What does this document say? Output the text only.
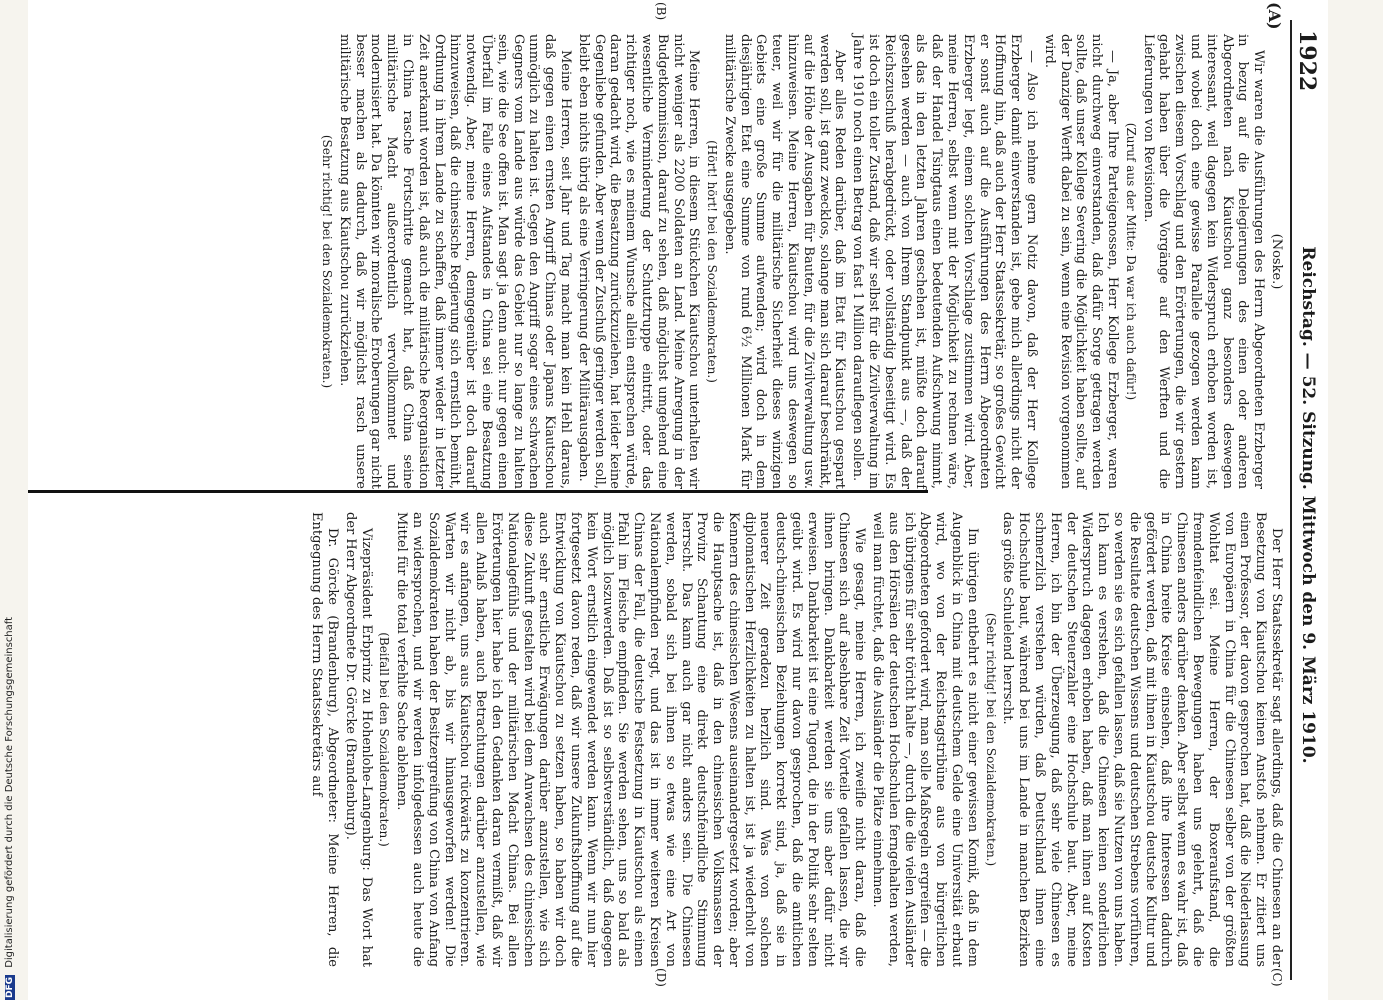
1922
Reichstag. — 52. Sitzung. Mittwoch den 9. März 1910.
(A)
(B)
(C)
(D)

(Noske.)

Wir waren die Ausführungen des Herrn Abgeordneten Erzberger in bezug auf die Delegierungen des einen oder anderen Abgeordneten nach Kiautschou ganz besonders deswegen interessant, weil dagegen kein Widerspruch erhoben worden ist, und wobei doch eine gewisse Parallele gezogen werden kann zwischen diesem Vorschlag und den Erörterungen, die wir gestern gehabt haben über die Vorgänge auf den Werften und die Lieferungen von Revisionen.

(Zuruf aus der Mitte: Da war ich auch dafür!)

— Ja, aber Ihre Parteigenossen, Herr Kollege Erzberger, waren nicht durchweg einverstanden, daß dafür Sorge getragen werden sollte, daß unser Kollege Severing die Möglichkeit haben sollte, auf der Danziger Werft dabei zu sein, wenn eine Revision vorgenommen wird.

— Also ich nehme gern Notiz davon, daß der Herr Kollege Erzberger damit einverstanden ist, gebe mich allerdings nicht der Hoffnung hin, daß auch der Herr Staatssekretär, so großes Gewicht er sonst auch auf die Ausführungen des Herrn Abgeordneten Erzberger legt, einem solchen Vorschlage zustimmen wird. Aber, meine Herren, selbst wenn mit der Möglichkeit zu rechnen wäre, daß der Handel Tsingtaus einen bedeutenden Aufschwung nimmt, als das in den letzten Jahren geschehen ist, müßte doch darauf gesehen werden — auch von Ihrem Standpunkt aus —, daß der Reichszuschuß herabgedrückt, oder vollständig beseitigt wird. Es ist doch ein toller Zustand, daß wir selbst für die Zivilverwaltung im Jahre 1910 noch einen Betrag von fast 1 Million darauflegen sollen.

Aber alles Reden darüber, daß im Etat für Kiautschou gespart werden soll, ist ganz zwecklos, solange man sich darauf beschränkt, auf die Höhe der Ausgaben für Bauten, für die Zivilverwaltung usw. hinzuweisen. Meine Herren, Kiautschou wird uns deswegen so teuer, weil wir für die militärische Sicherheit dieses winzigen Gebiets eine große Summe aufwenden; wird doch in dem diesjährigen Etat eine Summe von rund 6½ Millionen Mark für militärische Zwecke ausgegeben.

(Hört! hört! bei den Sozialdemokraten.)

Meine Herren, in diesem Stückchen Kiautschou unterhalten wir nicht weniger als 2200 Soldaten an Land. Meine Anregung in der Budgetkommission, darauf zu sehen, daß möglichst umgehend eine wesentliche Verminderung der Schutztruppe eintritt, oder das richtiger noch, wie es meinem Wunsche allein entsprechen würde, daran gedacht wird, die Besatzung zurückzuziehen, hat leider keine Gegenliebe gefunden. Aber wenn der Zuschuß geringer werden soll, bleibt eben nichts übrig als eine Verringerung der Militärausgaben.

Meine Herren, seit Jahr und Tag macht man kein Hehl daraus, daß gegen einen ernsten Angriff Chinas oder Japans Kiautschou unmöglich zu halten ist. Gegen den Angriff sogar eines schwachen Gegners vom Lande aus würde das Gebiet nur so lange zu halten sein, wie die See offen ist. Man sagt ja denn auch: nur gegen einen Überfall im Falle eines Aufstandes in China sei eine Besatzung notwendig. Aber, meine Herren, demgegenüber ist doch darauf hinzuweisen, daß die chinesische Regierung sich ernstlich bemüht, Ordnung in ihrem Lande zu schaffen, daß immer wieder in letzter Zeit anerkannt worden ist, daß auch die militärische Reorganisation in China rasche Fortschritte gemacht hat, daß China seine militärische Macht außerordentlich vervollkommnet und modernisiert hat. Da könnten wir moralische Eroberungen gar nicht besser machen als dadurch, daß wir möglichst rasch unsere militärische Besatzung aus Kiautschou zurückziehen.

(Sehr richtig! bei den Sozialdemokraten.)

Der Herr Staatssekretär sagt allerdings, daß die Chinesen an der Besetzung von Kiautschou keinen Anstoß nehmen. Er zitiert uns einen Professor, der davon gesprochen hat, daß die Niederlassung von Europäern in China für die Chinesen selber von der größten Wohltat sei. Meine Herren, der Boxeraufstand, die fremdenfeindlichen Bewegungen haben uns gelehrt, daß die Chinesen anders darüber denken. Aber selbst wenn es wahr ist, daß in China breite Kreise einsehen, daß ihre Interessen dadurch gefördert werden, daß mit ihnen in Kiautschou deutsche Kultur und die Resultate deutschen Wissens und deutschen Strebens vorführen, so werden sie es sich gefallen lassen, daß sie Nutzen von uns haben. Ich kann es verstehen, daß die Chinesen keinen sonderlichen Widerspruch dagegen erhoben haben, daß man ihnen auf Kosten der deutschen Steuerzahler eine Hochschule baut. Aber, meine Herren, ich bin der Überzeugung, daß sehr viele Chinesen es schmerzlich verstehen würden, daß Deutschland ihnen eine Hochschule baut, während bei uns im Lande in manchen Bezirken das größte Schulelend herrscht.

(Sehr richtig! bei den Sozialdemokraten.)

Im übrigen entbehrt es nicht einer gewissen Komik, daß in dem Augenblick in China mit deutschem Gelde eine Universität erbaut wird, wo von der Reichstagstribüne aus von bürgerlichen Abgeordneten gefordert wird, man solle Maßregeln ergreifen — die ich übrigens für sehr töricht halte —, durch die die vielen Ausländer aus den Hörsälen der deutschen Hochschulen ferngehalten werden, weil man fürchtet, daß die Ausländer die Plätze einnehmen.

Wie gesagt, meine Herren, ich zweifle nicht daran, daß die Chinesen sich auf absehbare Zeit Vorteile gefallen lassen, die wir ihnen bringen. Dankbarkeit werden sie uns aber dafür nicht erweisen. Dankbarkeit ist eine Tugend, die in der Politik sehr selten geübt wird. Es wird nur davon gesprochen, daß die amtlichen deutsch-chinesischen Beziehungen korrekt sind, ja, daß sie in neuerer Zeit geradezu herzlich sind. Was von solchen diplomatischen Herzlichkeiten zu halten ist, ist ja wiederholt von Kennern des chinesischen Wesens auseinandergesetzt worden; aber die Hauptsache ist, daß in den chinesischen Volksmassen der Provinz Schantung eine direkt deutschfeindliche Stimmung herrscht. Das kann auch gar nicht anders sein. Die Chinesen werden, sobald sich bei ihnen so etwas wie eine Art von Nationalempfinden regt, und das ist in immer weiteren Kreisen Chinas der Fall, die deutsche Festsetzung in Kiautschou als einen Pfahl im Fleische empfinden. Sie werden sehen, uns so bald als möglich loszuwerden. Daß ist so selbstverständlich, daß dagegen kein Wort ernstlich eingewendet werden kann. Wenn wir nun hier fortgesetzt davon reden, daß wir unsere Zukunftshoffnung auf die Entwicklung von Kiautschou zu setzen haben, so haben wir doch auch sehr ernstliche Erwägungen darüber anzustellen, wie sich diese Zukunft gestalten wird bei dem Anwachsen des chinesischen Nationalgefühls und der militärischen Macht Chinas. Bei allen Erörterungen hier habe ich den Gedanken daran vermißt, daß wir allen Anlaß haben, auch Betrachtungen darüber anzustellen, wie wir es anfangen, uns aus Kiautschou rückwärts zu konzentrieren. Warten wir nicht ab, bis wir hinausgeworfen werden! Die Sozialdemokraten haben der Besitzergreifung von China von Anfang an widersprochen, und wir werden infolgedessen auch heute die Mittel für die total verfehlte Sache ablehnen.

(Beifall bei den Sozialdemokraten.)

Vizepräsident Erbprinz zu Hohenlohe-Langenburg: Das Wort hat der Herr Abgeordnete Dr. Görcke (Brandenburg).

Dr. Görcke (Brandenburg), Abgeordneter: Meine Herren, die Entgegnung des Herrn Staatssekretärs auf

DFG Digitalisierung gefördert durch die Deutsche Forschungsgemeinschaft
